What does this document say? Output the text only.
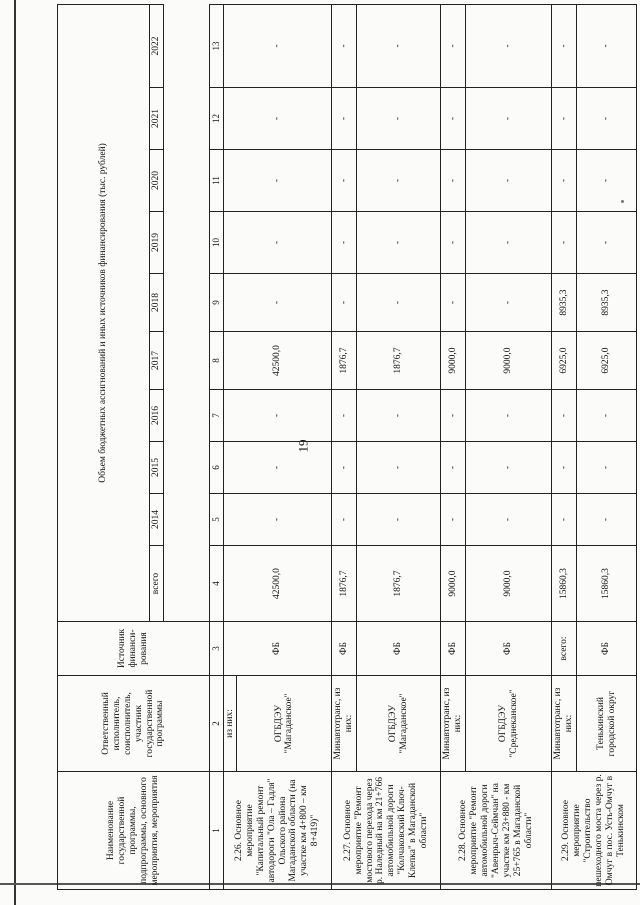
19
Наименование государственной программы, подпрограммы, основного мероприятия, мероприятия	Ответственный исполнитель, соисполнитель, участник государственной программы	Источник финанси-рования	Объем бюджетных ассигнований и иных источников финансирования (тыс. рублей)									
			всего	2014	2015	2016	2017	2018	2019	2020	2021	2022

1	2	3	4	5	6	7	8	9	10	11	12	13
2.26. Основное мероприятие "Капитальный ремонт автодороги "Ола – Гадля" Ольского района Магаданской области (на участке км 4+800 – км 8+419)"	из них:	ФБ	42500,0	-	-	-	42500,0	-	-	-	-	-
	ОГБДЭУ "Магаданское"											
2.27. Основное мероприятие "Ремонт мостового перехода через р. Наледный на км 21+766 автомобильной дороги "Колчаковский Ключ-Клепка" в Магаданской области"	Минавтотранс, из них:	ФБ	1876,7	-	-	-	1876,7	-	-	-	-	-
	ОГБДЭУ "Магаданское"	ФБ	1876,7	-	-	-	1876,7	-	-	-	-	-
2.28. Основное мероприятие "Ремонт автомобильной дороги "Авенрыч-Сеймчан" на участке км 23+880 - км 25+765 в Магаданской области"	Минавтотранс, из них:	ФБ	9000,0	-	-	-	9000,0	-	-	-	-	-
	ОГБДЭУ "Среднеканское"	ФБ	9000,0	-	-	-	9000,0	-	-	-	-	-
2.29. Основное мероприятие "Строительство пешеходного моста через р. Омчуг в пос. Усть-Омчуг в Тенькинском	Минавтотранс, из них:	всего:	15860,3	-	-	-	6925,0	8935,3	-	-	-	-
	Тенькинский городской округ	ФБ	15860,3	-	-	-	6925,0	8935,3	-	-	-	-
